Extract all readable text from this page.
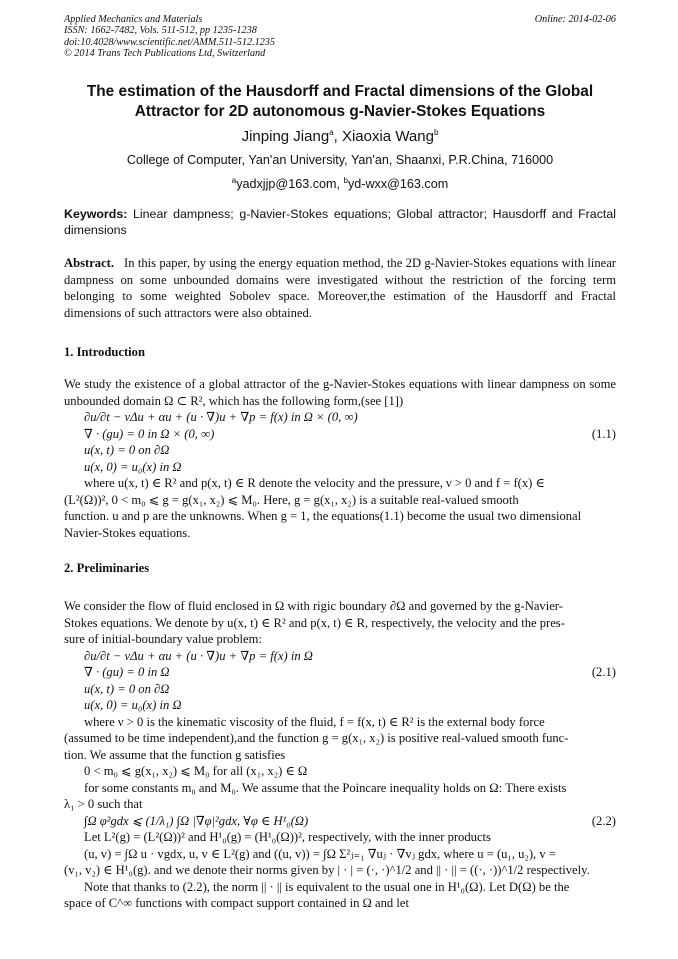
Applied Mechanics and Materials
ISSN: 1662-7482, Vols. 511-512, pp 1235-1238
doi:10.4028/www.scientific.net/AMM.511-512.1235
© 2014 Trans Tech Publications Ltd, Switzerland
Online: 2014-02-06
The estimation of the Hausdorff and Fractal dimensions of the Global
Attractor for 2D autonomous g-Navier-Stokes Equations
Jinping Jiang$^a$, Xiaoxia Wang$^b$
College of Computer, Yan'an University, Yan'an, Shaanxi, P.R.China, 716000
$^a$yadxjjp@163.com, $^b$yd-wxx@163.com
Keywords: Linear dampness; g-Navier-Stokes equations; Global attractor; Hausdorff and Fractal dimensions
Abstract. In this paper, by using the energy equation method, the 2D g-Navier-Stokes equations with linear dampness on some unbounded domains were investigated without the restriction of the forcing term belonging to some weighted Sobolev space. Moreover,the estimation of the Hausdorff and Fractal dimensions of such attractors were also obtained.
1. Introduction
We study the existence of a global attractor of the g-Navier-Stokes equations with linear dampness on some unbounded domain Ω ⊂ R², which has the following form,(see [1])
∂u/∂t − νΔu + αu + (u · ∇)u + ∇p = f(x) in Ω × (0, ∞)
∇ · (gu) = 0 in Ω × (0, ∞)	(1.1)
u(x, t) = 0 on ∂Ω
u(x, 0) = u₀(x) in Ω
where u(x, t) ∈ R² and p(x, t) ∈ R denote the velocity and the pressure, ν > 0 and f = f(x) ∈
(L²(Ω))², 0 < m₀ ⩽ g = g(x₁, x₂) ⩽ M₀. Here, g = g(x₁, x₂) is a suitable real-valued smooth
function. u and p are the unknowns. When g = 1, the equations(1.1) become the usual two dimensional
Navier-Stokes equations.
2. Preliminaries
We consider the flow of fluid enclosed in Ω with rigic boundary ∂Ω and governed by the g-Navier-
Stokes equations. We denote by u(x, t) ∈ R² and p(x, t) ∈ R, respectively, the velocity and the pres-
sure of initial-boundary value problem:
∂u/∂t − νΔu + αu + (u · ∇)u + ∇p = f(x) in Ω
∇ · (gu) = 0 in Ω	(2.1)
u(x, t) = 0 on ∂Ω
u(x, 0) = u₀(x) in Ω
where ν > 0 is the kinematic viscosity of the fluid, f = f(x, t) ∈ R² is the external body force
(assumed to be time independent),and the function g = g(x₁, x₂) is positive real-valued smooth func-
tion. We assume that the function g satisfies
0 < m₀ ⩽ g(x₁, x₂) ⩽ M₀ for all (x₁, x₂) ∈ Ω
for some constants m₀ and M₀. We assume that the Poincare inequality holds on Ω: There exists
λ₁ > 0 such that
∫Ω φ²gdx ⩽ (1/λ₁) ∫Ω |∇φ|²gdx, ∀φ ∈ H¹₀(Ω)	(2.2)
Let L²(g) = (L²(Ω))² and H¹₀(g) = (H¹₀(Ω))², respectively, with the inner products
(u, v) = ∫Ω u · vgdx, u, v ∈ L²(g) and ((u, v)) = ∫Ω Σ²ⱼ₌₁ ∇uⱼ · ∇vⱼ gdx, where u = (u₁, u₂), v =
(v₁, v₂) ∈ H¹₀(g). and we denote their norms given by | · | = (·, ·)^1/2 and || · || = ((·, ·))^1/2 respectively.
Note that thanks to (2.2), the norm || · || is equivalent to the usual one in H¹₀(Ω). Let D(Ω) be the
space of C^∞ functions with compact support contained in Ω and let
